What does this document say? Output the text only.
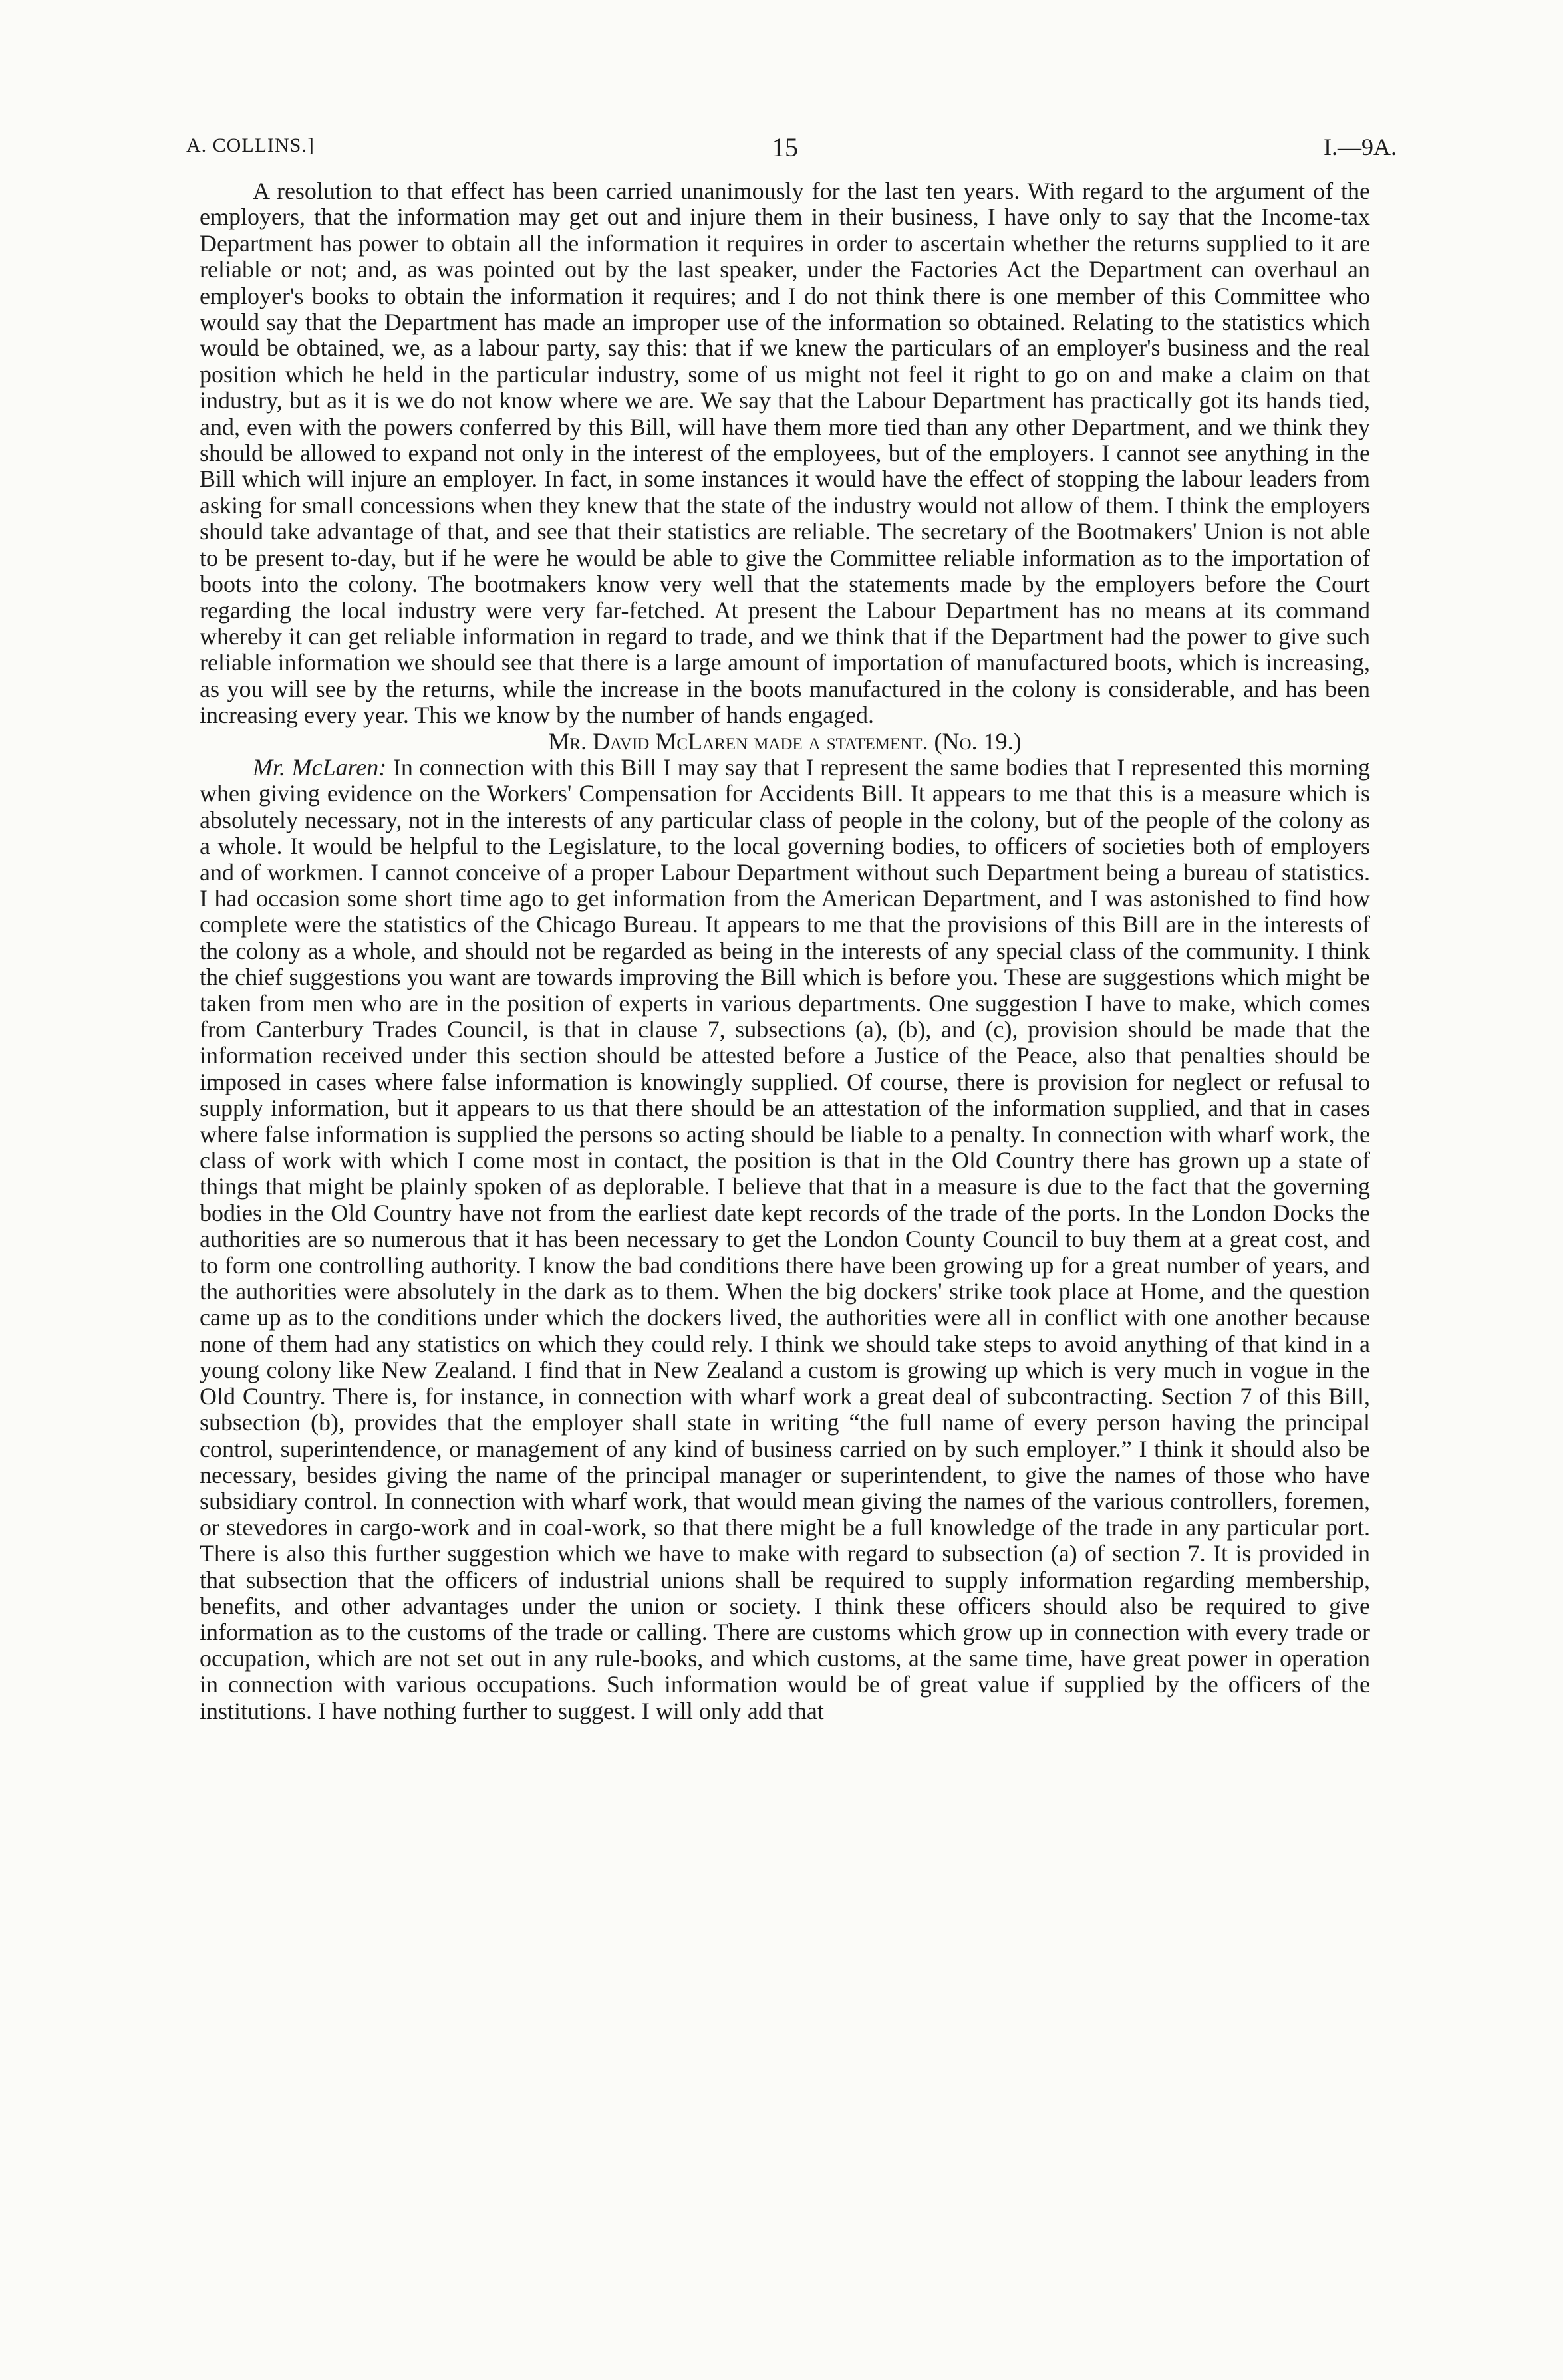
A. COLLINS.]	15	I.—9A.

A resolution to that effect has been carried unanimously for the last ten years. With regard to the argument of the employers, that the information may get out and injure them in their business, I have only to say that the Income-tax Department has power to obtain all the information it requires in order to ascertain whether the returns supplied to it are reliable or not; and, as was pointed out by the last speaker, under the Factories Act the Department can overhaul an employer's books to obtain the information it requires; and I do not think there is one member of this Committee who would say that the Department has made an improper use of the information so obtained. Relating to the statistics which would be obtained, we, as a labour party, say this: that if we knew the particulars of an employer's business and the real position which he held in the particular industry, some of us might not feel it right to go on and make a claim on that industry, but as it is we do not know where we are. We say that the Labour Department has practically got its hands tied, and, even with the powers conferred by this Bill, will have them more tied than any other Department, and we think they should be allowed to expand not only in the interest of the employees, but of the employers. I cannot see anything in the Bill which will injure an employer. In fact, in some instances it would have the effect of stopping the labour leaders from asking for small concessions when they knew that the state of the industry would not allow of them. I think the employers should take advantage of that, and see that their statistics are reliable. The secretary of the Bootmakers' Union is not able to be present to-day, but if he were he would be able to give the Committee reliable information as to the importation of boots into the colony. The bootmakers know very well that the statements made by the employers before the Court regarding the local industry were very far-fetched. At present the Labour Department has no means at its command whereby it can get reliable information in regard to trade, and we think that if the Department had the power to give such reliable information we should see that there is a large amount of importation of manufactured boots, which is increasing, as you will see by the returns, while the increase in the boots manufactured in the colony is considerable, and has been increasing every year. This we know by the number of hands engaged.

Mr. David McLaren made a statement. (No. 19.)

Mr. McLaren: In connection with this Bill I may say that I represent the same bodies that I represented this morning when giving evidence on the Workers' Compensation for Accidents Bill. It appears to me that this is a measure which is absolutely necessary, not in the interests of any particular class of people in the colony, but of the people of the colony as a whole. It would be helpful to the Legislature, to the local governing bodies, to officers of societies both of employers and of workmen. I cannot conceive of a proper Labour Department without such Department being a bureau of statistics. I had occasion some short time ago to get information from the American Department, and I was astonished to find how complete were the statistics of the Chicago Bureau. It appears to me that the provisions of this Bill are in the interests of the colony as a whole, and should not be regarded as being in the interests of any special class of the community. I think the chief suggestions you want are towards improving the Bill which is before you. These are suggestions which might be taken from men who are in the position of experts in various departments. One suggestion I have to make, which comes from Canterbury Trades Council, is that in clause 7, subsections (a), (b), and (c), provision should be made that the information received under this section should be attested before a Justice of the Peace, also that penalties should be imposed in cases where false information is knowingly supplied. Of course, there is provision for neglect or refusal to supply information, but it appears to us that there should be an attestation of the information supplied, and that in cases where false information is supplied the persons so acting should be liable to a penalty. In connection with wharf work, the class of work with which I come most in contact, the position is that in the Old Country there has grown up a state of things that might be plainly spoken of as deplorable. I believe that that in a measure is due to the fact that the governing bodies in the Old Country have not from the earliest date kept records of the trade of the ports. In the London Docks the authorities are so numerous that it has been necessary to get the London County Council to buy them at a great cost, and to form one controlling authority. I know the bad conditions there have been growing up for a great number of years, and the authorities were absolutely in the dark as to them. When the big dockers' strike took place at Home, and the question came up as to the conditions under which the dockers lived, the authorities were all in conflict with one another because none of them had any statistics on which they could rely. I think we should take steps to avoid anything of that kind in a young colony like New Zealand. I find that in New Zealand a custom is growing up which is very much in vogue in the Old Country. There is, for instance, in connection with wharf work a great deal of subcontracting. Section 7 of this Bill, subsection (b), provides that the employer shall state in writing “the full name of every person having the principal control, superintendence, or management of any kind of business carried on by such employer.” I think it should also be necessary, besides giving the name of the principal manager or superintendent, to give the names of those who have subsidiary control. In connection with wharf work, that would mean giving the names of the various controllers, foremen, or stevedores in cargo-work and in coal-work, so that there might be a full knowledge of the trade in any particular port. There is also this further suggestion which we have to make with regard to subsection (a) of section 7. It is provided in that subsection that the officers of industrial unions shall be required to supply information regarding membership, benefits, and other advantages under the union or society. I think these officers should also be required to give information as to the customs of the trade or calling. There are customs which grow up in connection with every trade or occupation, which are not set out in any rule-books, and which customs, at the same time, have great power in operation in connection with various occupations. Such information would be of great value if supplied by the officers of the institutions. I have nothing further to suggest. I will only add that
